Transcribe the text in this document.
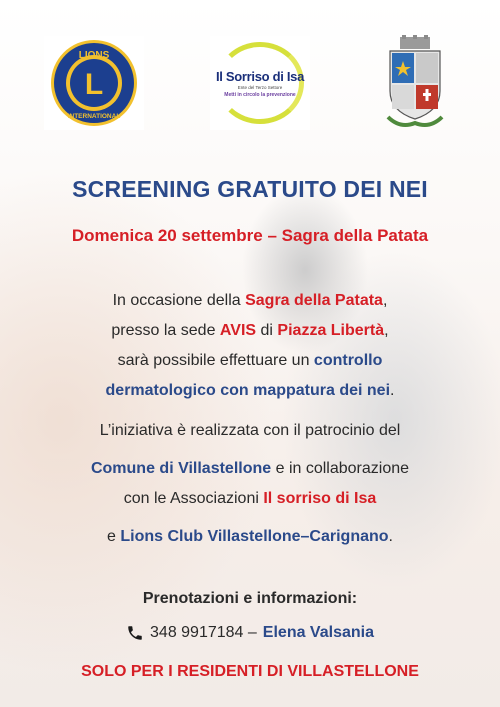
LIONS
INTERNATIONAL
L	Il Sorriso di Isa
Ente del Terzo Settore
Metti in circolo la prevenzione
SCREENING GRATUITO DEI NEI
Domenica 20 settembre – Sagra della Patata
In occasione della Sagra della Patata,
presso la sede AVIS di Piazza Libertà,
sarà possibile effettuare un controllo
dermatologico con mappatura dei nei.
L’iniziativa è realizzata con il patrocinio del
Comune di Villastellone e in collaborazione
con le Associazioni Il sorriso di Isa
e Lions Club Villastellone–Carignano.
Prenotazioni e informazioni:
348 9917184 – Elena Valsania
SOLO PER I RESIDENTI DI VILLASTELLONE
